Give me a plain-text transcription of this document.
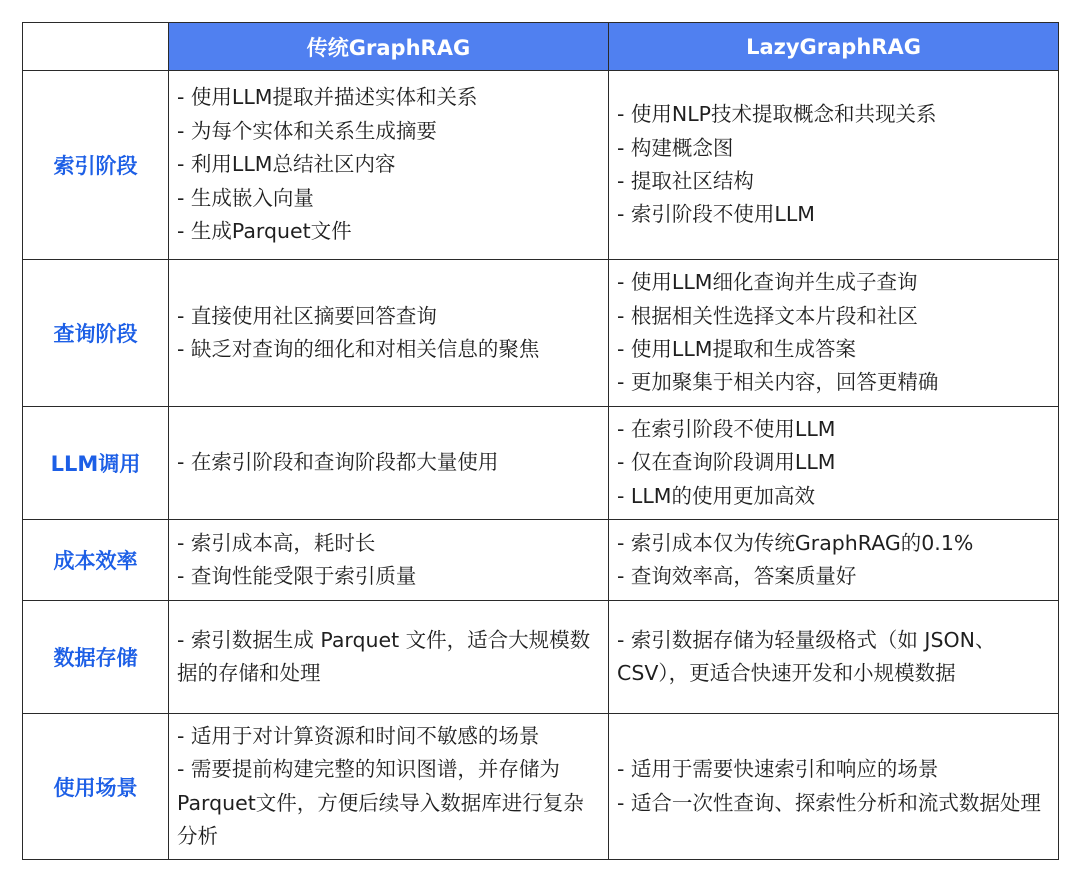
	传统GraphRAG	LazyGraphRAG
索引阶段	- 使用LLM提取并描述实体和关系
- 为每个实体和关系生成摘要
- 利用LLM总结社区内容
- 生成嵌入向量
- 生成Parquet文件	- 使用NLP技术提取概念和共现关系
- 构建概念图
- 提取社区结构
- 索引阶段不使用LLM

查询阶段	- 直接使用社区摘要回答查询
- 缺乏对查询的细化和对相关信息的聚焦	- 使用LLM细化查询并生成子查询
- 根据相关性选择文本片段和社区
- 使用LLM提取和生成答案
- 更加聚集于相关内容，回答更精确

LLM调用	- 在索引阶段和查询阶段都大量使用	- 在索引阶段不使用LLM
- 仅在查询阶段调用LLM
- LLM的使用更加高效

成本效率	- 索引成本高，耗时长
- 查询性能受限于索引质量	- 索引成本仅为传统GraphRAG的0.1%
- 查询效率高，答案质量好

数据存储	- 索引数据生成 Parquet 文件，适合大规模数据的存储和处理	- 索引数据存储为轻量级格式（如 JSON、CSV），更适合快速开发和小规模数据

使用场景	- 适用于对计算资源和时间不敏感的场景
- 需要提前构建完整的知识图谱，并存储为Parquet文件，方便后续导入数据库进行复杂分析	- 适用于需要快速索引和响应的场景
- 适合一次性查询、探索性分析和流式数据处理
